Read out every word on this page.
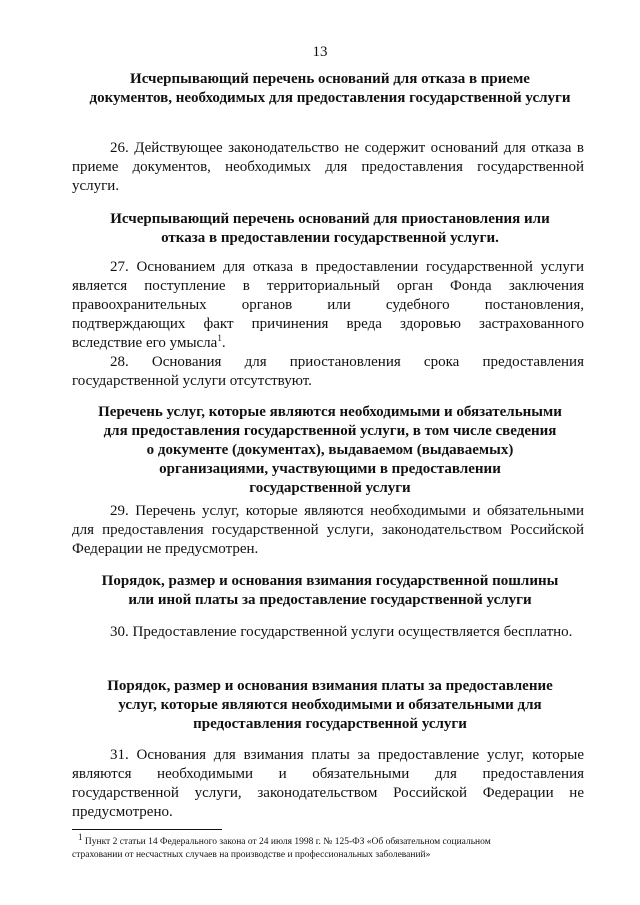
13
Исчерпывающий перечень оснований для отказа в приеме
документов, необходимых для предоставления государственной услуги
26. Действующее законодательство не содержит оснований для отказа в
приеме документов, необходимых для предоставления государственной
услуги.
Исчерпывающий перечень оснований для приостановления или
отказа в предоставлении государственной услуги.
27. Основанием для отказа в предоставлении государственной услуги
является поступление в территориальный орган Фонда заключения
правоохранительных органов или судебного постановления,
подтверждающих факт причинения вреда здоровью застрахованного
вследствие его умысла$^1$.
28. Основания для приостановления срока предоставления
государственной услуги отсутствуют.
Перечень услуг, которые являются необходимыми и обязательными
для предоставления государственной услуги, в том числе сведения
о документе (документах), выдаваемом (выдаваемых)
организациями, участвующими в предоставлении
государственной услуги
29. Перечень услуг, которые являются необходимыми и обязательными
для предоставления государственной услуги, законодательством Российской
Федерации не предусмотрен.
Порядок, размер и основания взимания государственной пошлины
или иной платы за предоставление государственной услуги
30. Предоставление государственной услуги осуществляется бесплатно.
Порядок, размер и основания взимания платы за предоставление
услуг, которые являются необходимыми и обязательными для
предоставления государственной услуги
31. Основания для взимания платы за предоставление услуг, которые
являются необходимыми и обязательными для предоставления
государственной услуги, законодательством Российской Федерации не
предусмотрено.
$^1$ Пункт 2 статьи 14 Федерального закона от 24 июля 1998 г. № 125-ФЗ «Об обязательном социальном
страховании от несчастных случаев на производстве и профессиональных заболеваний»
